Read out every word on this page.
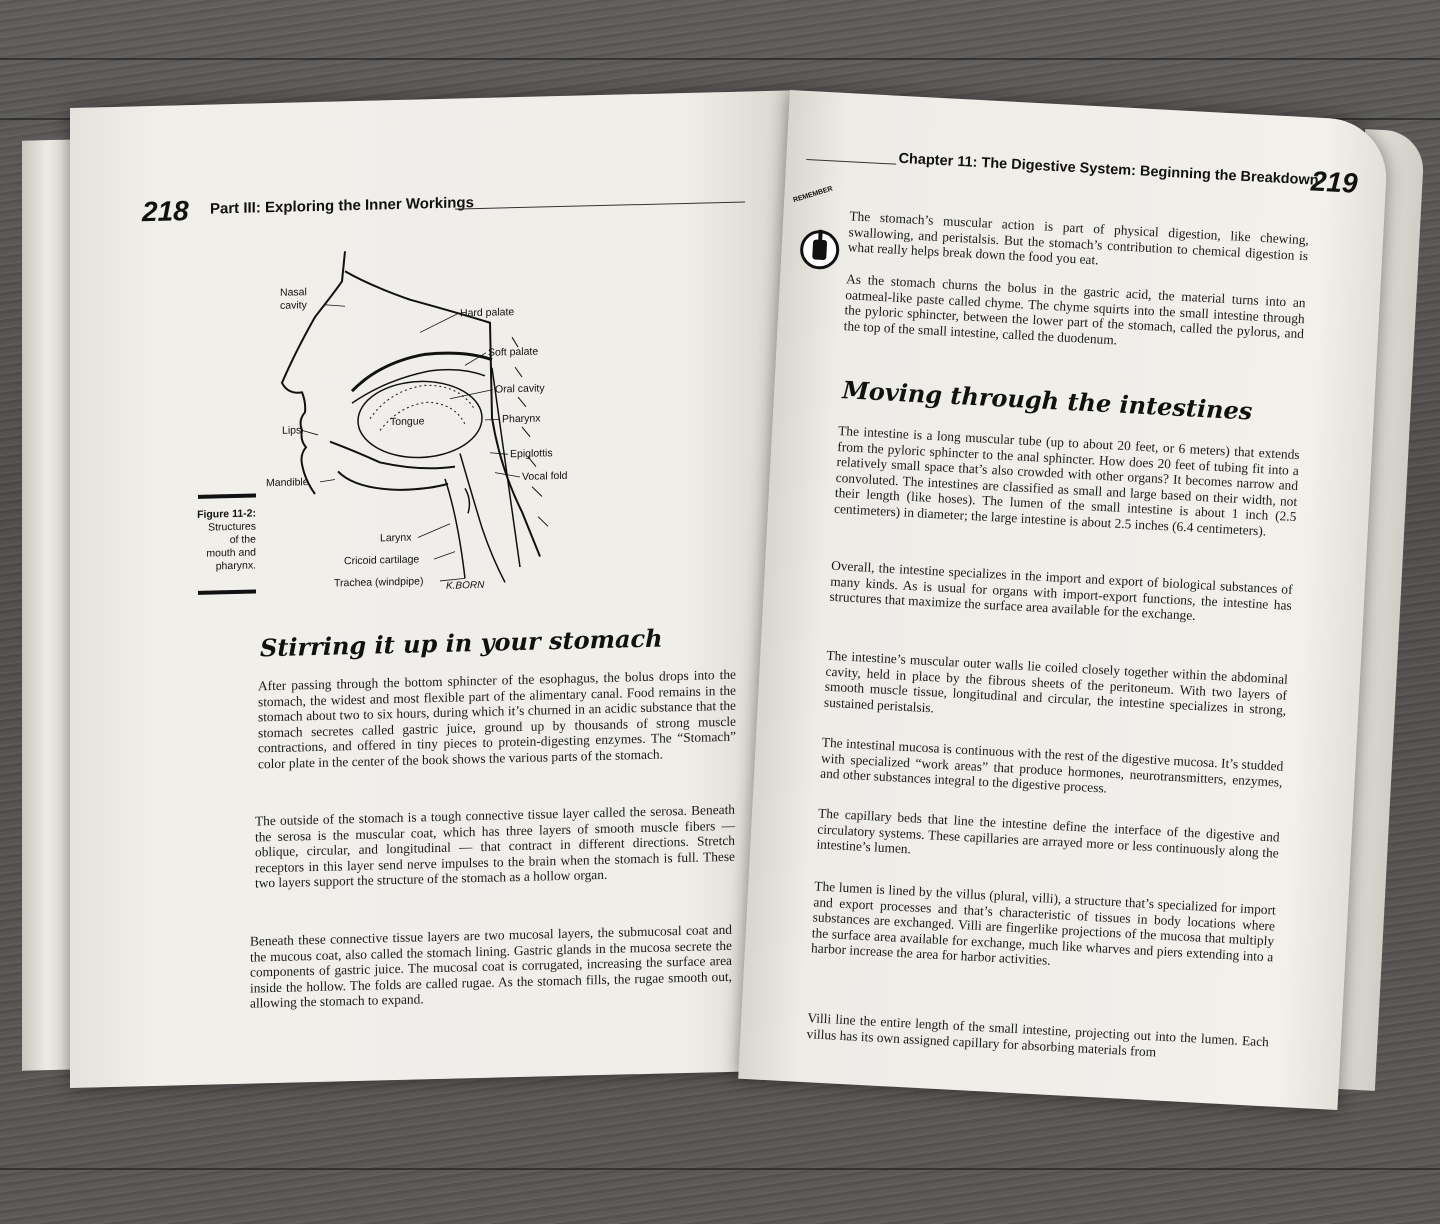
218 Part III: Exploring the Inner Workings
Nasal
cavity
Hard palate
Soft palate
Oral cavity
Tongue	Pharynx
Lips
Epiglottis
Mandible	Vocal fold
Larynx
Cricoid cartilage
Trachea (windpipe) K.BORN
Figure 11-2:
Structures
of the
mouth and
pharynx.
Stirring it up in your stomach

After passing through the bottom sphincter of the esophagus, the bolus drops into the stomach, the widest and most flexible part of the alimentary canal. Food remains in the stomach about two to six hours, during which it’s churned in an acidic substance that the stomach secretes called gastric juice, ground up by thousands of strong muscle contractions, and offered in tiny pieces to protein-digesting enzymes. The “Stomach” color plate in the center of the book shows the various parts of the stomach.

The outside of the stomach is a tough connective tissue layer called the serosa. Beneath the serosa is the muscular coat, which has three layers of smooth muscle fibers — oblique, circular, and longitudinal — that contract in different directions. Stretch receptors in this layer send nerve impulses to the brain when the stomach is full. These two layers support the structure of the stomach as a hollow organ.

Beneath these connective tissue layers are two mucosal layers, the submucosal coat and the mucous coat, also called the stomach lining. Gastric glands in the mucosa secrete the components of gastric juice. The mucosal coat is corrugated, increasing the surface area inside the hollow. The folds are called rugae. As the stomach fills, the rugae smooth out, allowing the stomach to expand.

Chapter 11: The Digestive System: Beginning the Breakdown
219
REMEMBER

The stomach’s muscular action is part of physical digestion, like chewing, swallowing, and peristalsis. But the stomach’s contribution to chemical digestion is what really helps break down the food you eat.

As the stomach churns the bolus in the gastric acid, the material turns into an oatmeal-like paste called chyme. The chyme squirts into the small intestine through the pyloric sphincter, between the lower part of the stomach, called the pylorus, and the top of the small intestine, called the duodenum.

Moving through the intestines

The intestine is a long muscular tube (up to about 20 feet, or 6 meters) that extends from the pyloric sphincter to the anal sphincter. How does 20 feet of tubing fit into a relatively small space that’s also crowded with other organs? It becomes narrow and convoluted. The intestines are classified as small and large based on their width, not their length (like hoses). The lumen of the small intestine is about 1 inch (2.5 centimeters) in diameter; the large intestine is about 2.5 inches (6.4 centimeters).

Overall, the intestine specializes in the import and export of biological substances of many kinds. As is usual for organs with import-export functions, the intestine has structures that maximize the surface area available for the exchange.

The intestine’s muscular outer walls lie coiled closely together within the abdominal cavity, held in place by the fibrous sheets of the peritoneum. With two layers of smooth muscle tissue, longitudinal and circular, the intestine specializes in strong, sustained peristalsis.

The intestinal mucosa is continuous with the rest of the digestive mucosa. It’s studded with specialized “work areas” that produce hormones, neurotransmitters, enzymes, and other substances integral to the digestive process.

The capillary beds that line the intestine define the interface of the digestive and circulatory systems. These capillaries are arrayed more or less continuously along the intestine’s lumen.

The lumen is lined by the villus (plural, villi), a structure that’s specialized for import and export processes and that’s characteristic of tissues in body locations where substances are exchanged. Villi are fingerlike projections of the mucosa that multiply the surface area available for exchange, much like wharves and piers extending into a harbor increase the area for harbor activities.

Villi line the entire length of the small intestine, projecting out into the lumen. Each villus has its own assigned capillary for absorbing materials from
